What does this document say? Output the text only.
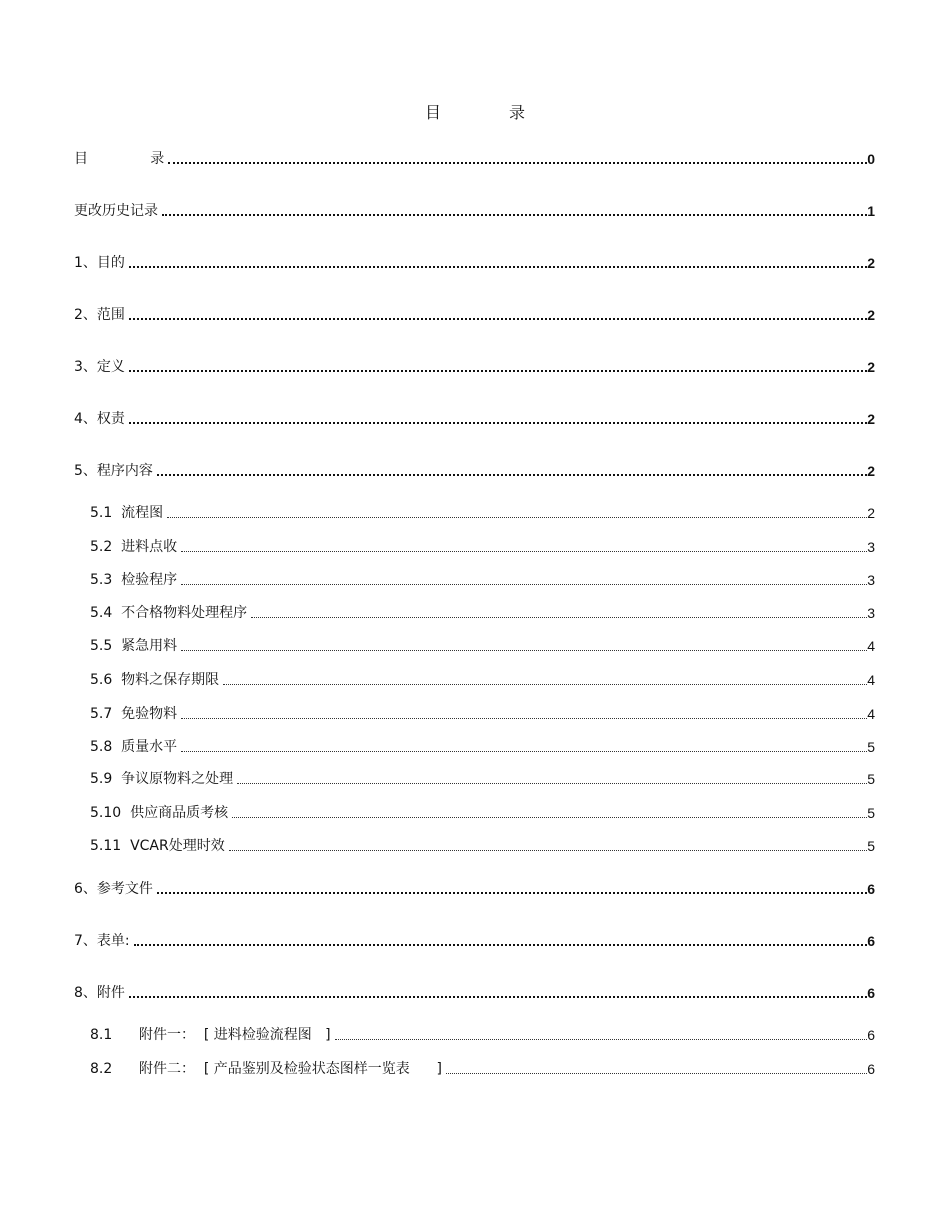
目	录
目              录	0
更改历史记录	1
1、目的	2
2、范围	2
3、定义	2
4、权责	2
5、程序内容	2
5.1  流程图	2
5.2  进料点收	3
5.3  检验程序	3
5.4  不合格物料处理程序	3
5.5  紧急用料	4
5.6  物料之保存期限	4
5.7  免验物料	4
5.8  质量水平	5
5.9  争议原物料之处理	5
5.10  供应商品质考核	5
5.11  VCAR处理时效	5
6、参考文件	6
7、表单:	6
8、附件	6
8.1      附件一：  [ 进料检验流程图   ]	6
8.2      附件二：  [ 产品鉴别及检验状态图样一览表      ]	6
